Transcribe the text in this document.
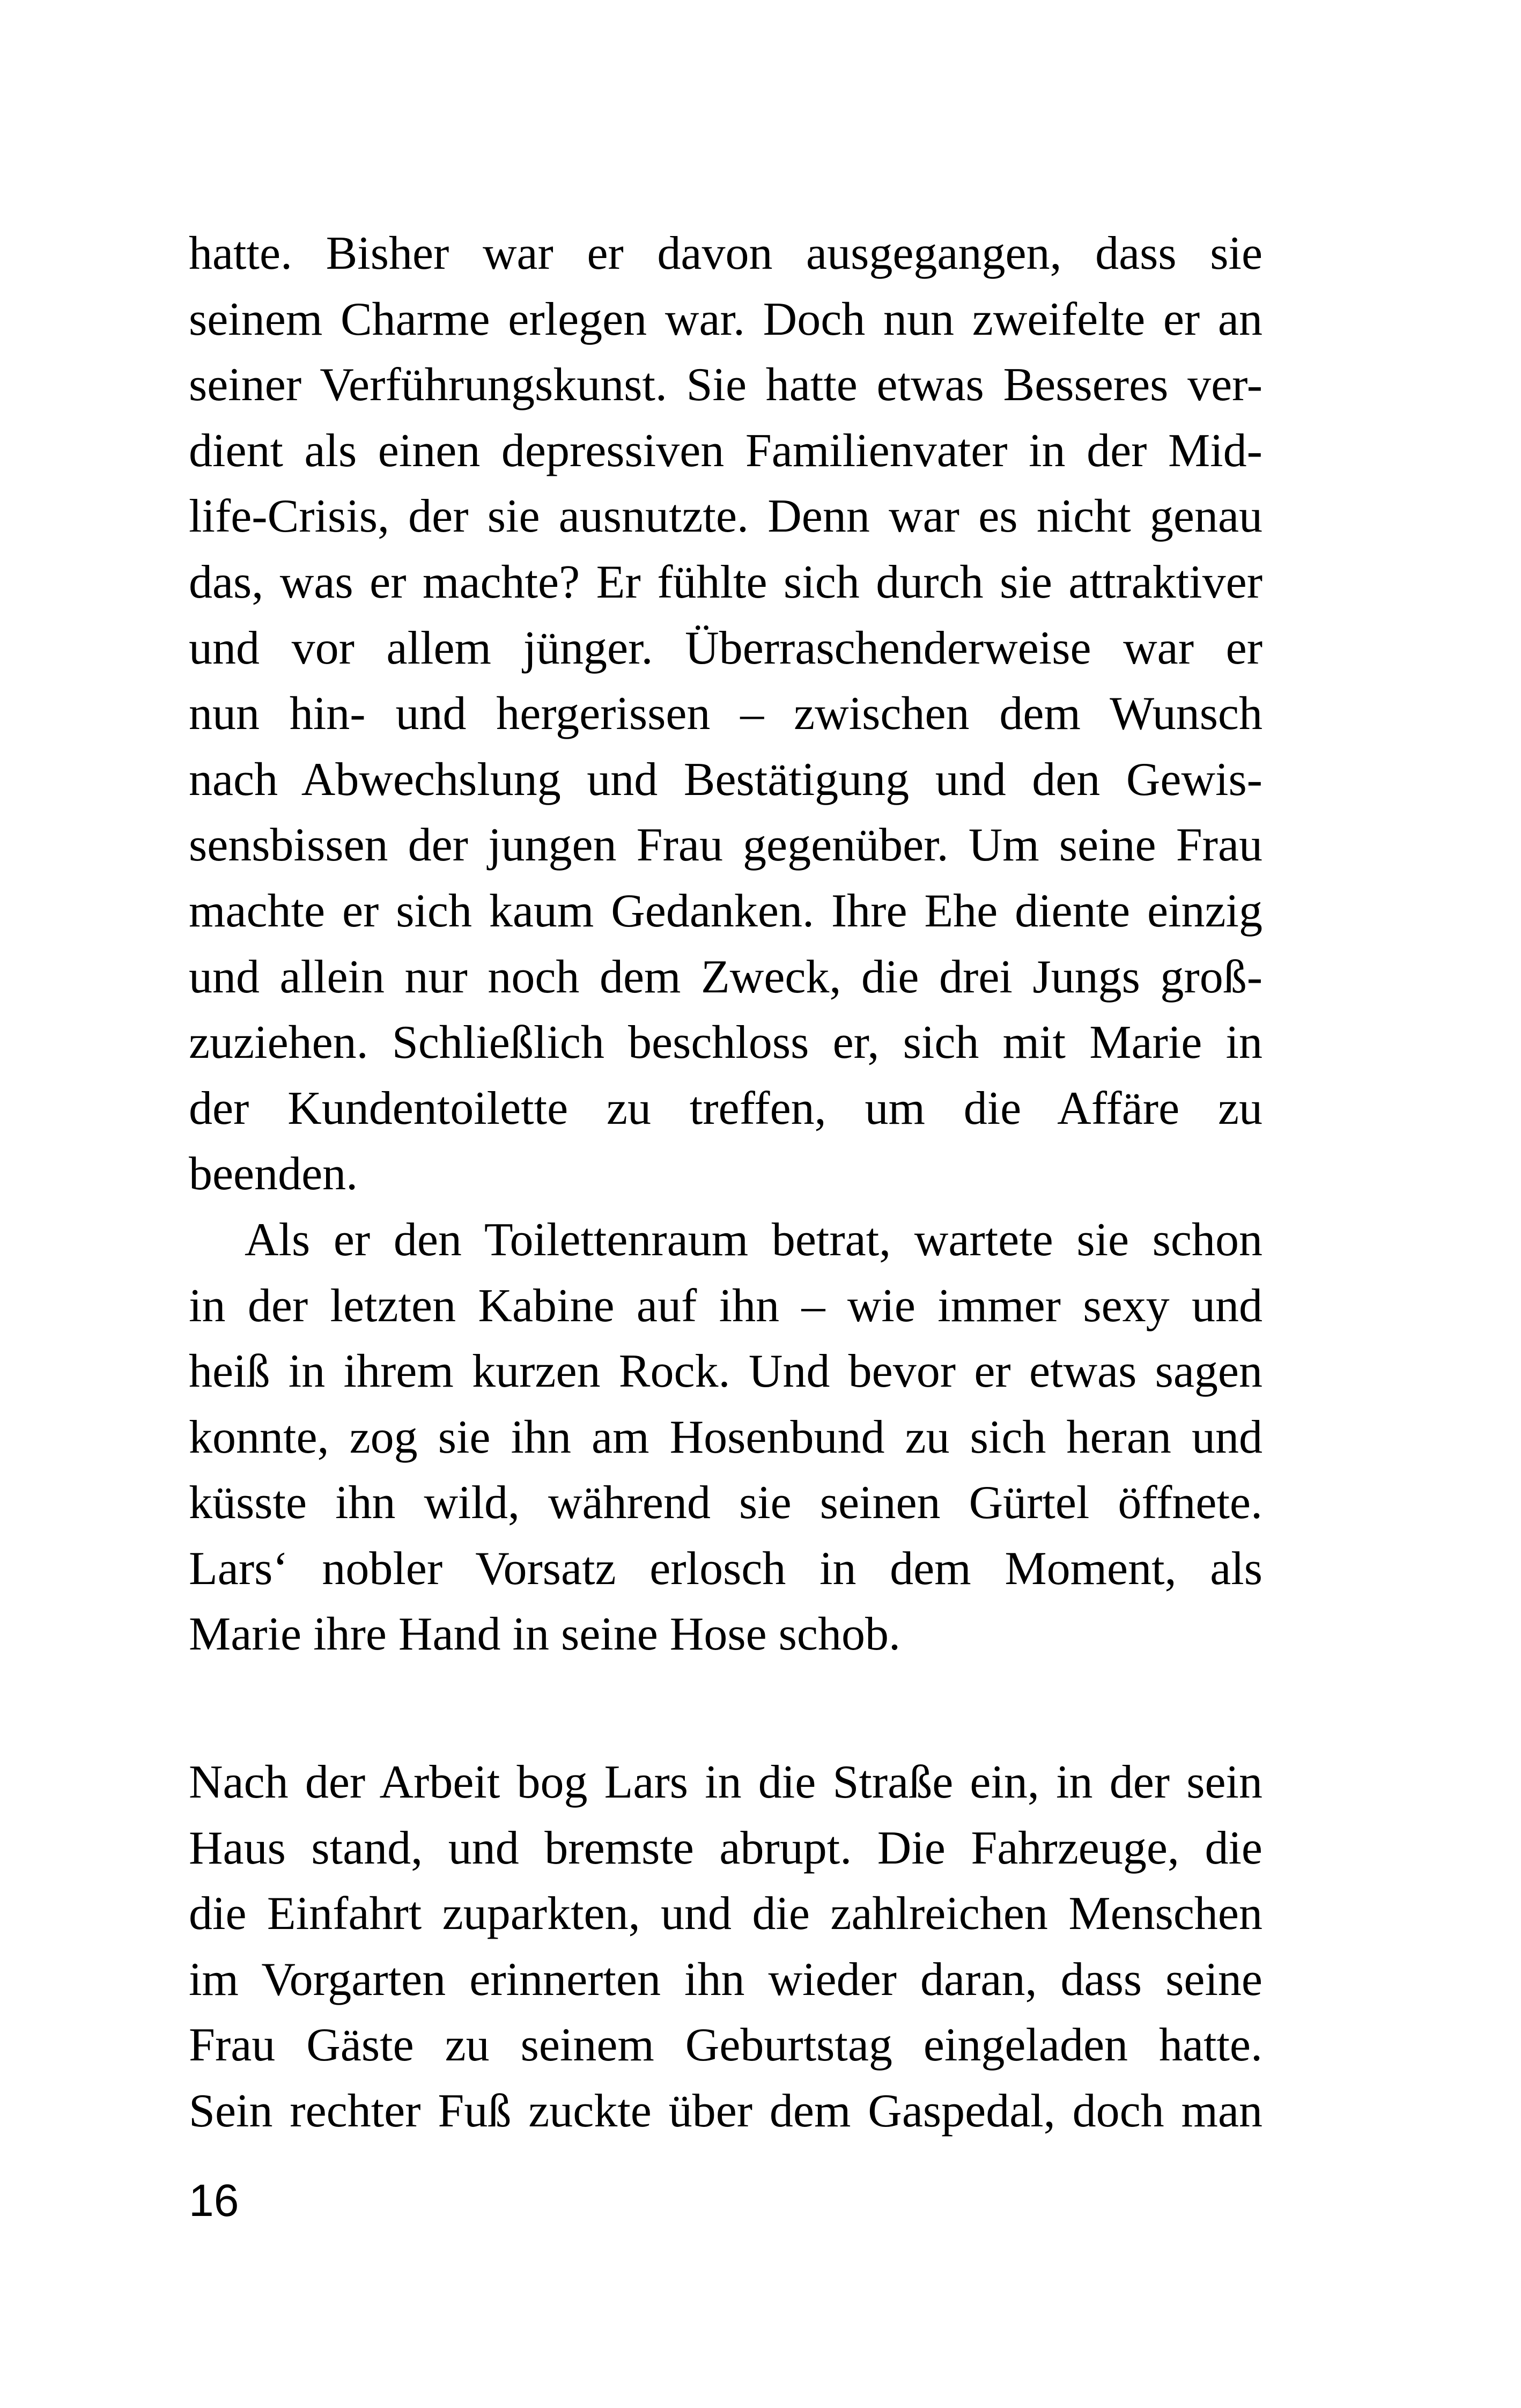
hatte. Bisher war er davon ausgegangen, dass sie
seinem Charme erlegen war. Doch nun zweifelte er an
seiner Verführungskunst. Sie hatte etwas Besseres ver-
dient als einen depressiven Familienvater in der Mid-
life-Crisis, der sie ausnutzte. Denn war es nicht genau
das, was er machte? Er fühlte sich durch sie attraktiver
und vor allem jünger. Überraschenderweise war er
nun hin- und hergerissen – zwischen dem Wunsch
nach Abwechslung und Bestätigung und den Gewis-
sensbissen der jungen Frau gegenüber. Um seine Frau
machte er sich kaum Gedanken. Ihre Ehe diente einzig
und allein nur noch dem Zweck, die drei Jungs groß-
zuziehen. Schließlich beschloss er, sich mit Marie in
der Kundentoilette zu treffen, um die Affäre zu
beenden.
Als er den Toilettenraum betrat, wartete sie schon
in der letzten Kabine auf ihn – wie immer sexy und
heiß in ihrem kurzen Rock. Und bevor er etwas sagen
konnte, zog sie ihn am Hosenbund zu sich heran und
küsste ihn wild, während sie seinen Gürtel öffnete.
Lars‘ nobler Vorsatz erlosch in dem Moment, als
Marie ihre Hand in seine Hose schob.
Nach der Arbeit bog Lars in die Straße ein, in der sein
Haus stand, und bremste abrupt. Die Fahrzeuge, die
die Einfahrt zuparkten, und die zahlreichen Menschen
im Vorgarten erinnerten ihn wieder daran, dass seine
Frau Gäste zu seinem Geburtstag eingeladen hatte.
Sein rechter Fuß zuckte über dem Gaspedal, doch man

16
